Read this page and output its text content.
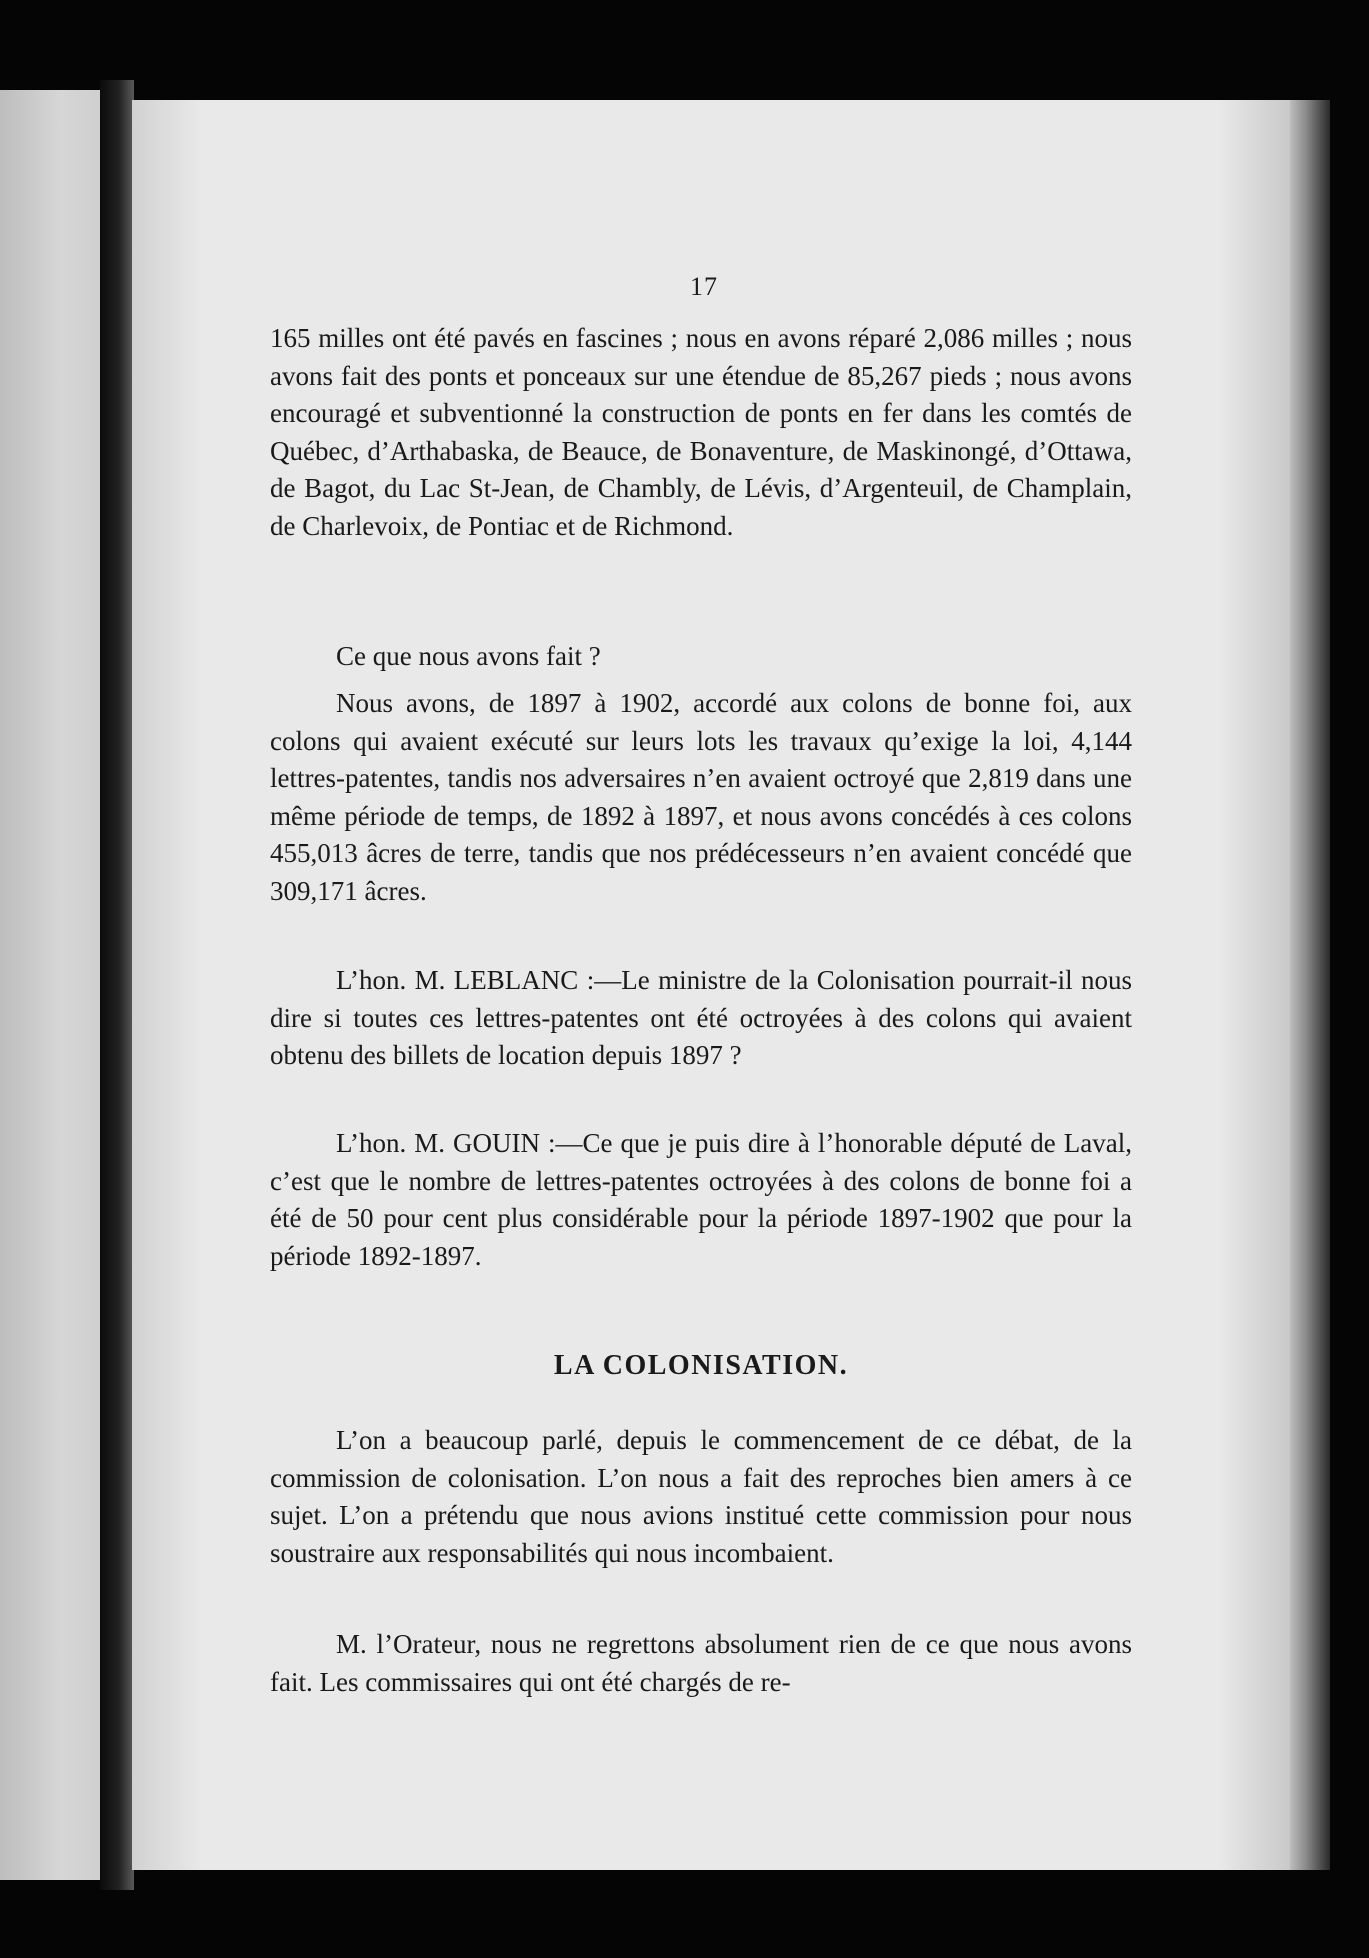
17

165 milles ont été pavés en fascines ; nous en avons réparé 2,086 milles ; nous avons fait des ponts et ponceaux sur une étendue de 85,267 pieds ; nous avons encouragé et subventionné la construction de ponts en fer dans les comtés de Québec, d’Arthabaska, de Beauce, de Bonaventure, de Maskinongé, d’Ottawa, de Bagot, du Lac St-Jean, de Chambly, de Lévis, d’Argenteuil, de Champlain, de Charlevoix, de Pontiac et de Richmond.

Ce que nous avons fait ?

Nous avons, de 1897 à 1902, accordé aux colons de bonne foi, aux colons qui avaient exécuté sur leurs lots les travaux qu’exige la loi, 4,144 lettres-patentes, tandis nos adversaires n’en avaient octroyé que 2,819 dans une même période de temps, de 1892 à 1897, et nous avons concédés à ces colons 455,013 âcres de terre, tandis que nos prédécesseurs n’en avaient concédé que 309,171 âcres.

L’hon. M. LEBLANC :—Le ministre de la Colonisation pourrait-il nous dire si toutes ces lettres-patentes ont été octroyées à des colons qui avaient obtenu des billets de location depuis 1897 ?

L’hon. M. GOUIN :—Ce que je puis dire à l’honorable député de Laval, c’est que le nombre de lettres-patentes octroyées à des colons de bonne foi a été de 50 pour cent plus considérable pour la période 1897-1902 que pour la période 1892-1897.

LA COLONISATION.

L’on a beaucoup parlé, depuis le commencement de ce débat, de la commission de colonisation. L’on nous a fait des reproches bien amers à ce sujet. L’on a prétendu que nous avions institué cette commission pour nous soustraire aux responsabilités qui nous incombaient.

M. l’Orateur, nous ne regrettons absolument rien de ce que nous avons fait. Les commissaires qui ont été chargés de re-
